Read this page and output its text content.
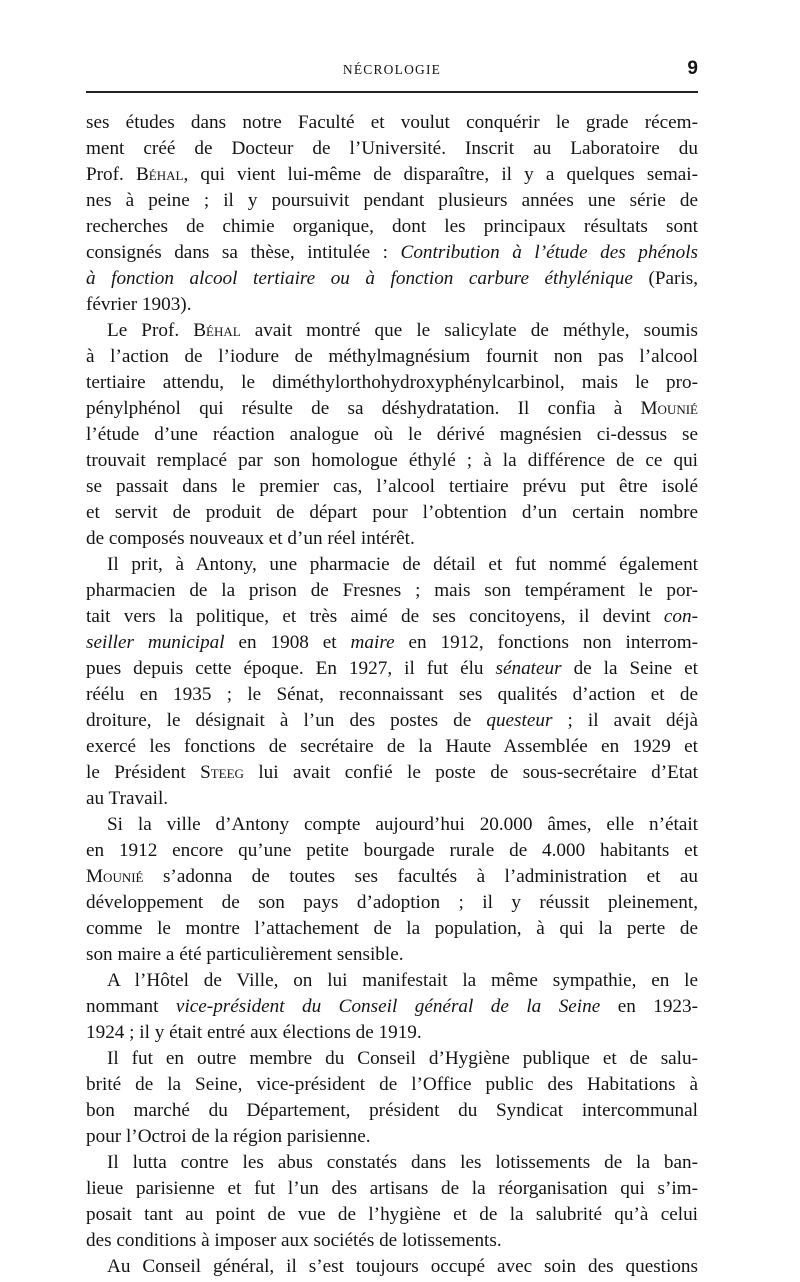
NÉCROLOGIE	9
ses études dans notre Faculté et voulut conquérir le grade récem-
ment créé de Docteur de l’Université. Inscrit au Laboratoire du
Prof. Béhal, qui vient lui-même de disparaître, il y a quelques semai-
nes à peine ; il y poursuivit pendant plusieurs années une série de
recherches de chimie organique, dont les principaux résultats sont
consignés dans sa thèse, intitulée : Contribution à l’étude des phénols
à fonction alcool tertiaire ou à fonction carbure éthylénique (Paris,
février 1903).
Le Prof. Béhal avait montré que le salicylate de méthyle, soumis
à l’action de l’iodure de méthylmagnésium fournit non pas l’alcool
tertiaire attendu, le diméthylorthohydroxyphénylcarbinol, mais le pro-
pénylphénol qui résulte de sa déshydratation. Il confia à Mounié
l’étude d’une réaction analogue où le dérivé magnésien ci-dessus se
trouvait remplacé par son homologue éthylé ; à la différence de ce qui
se passait dans le premier cas, l’alcool tertiaire prévu put être isolé
et servit de produit de départ pour l’obtention d’un certain nombre
de composés nouveaux et d’un réel intérêt.
Il prit, à Antony, une pharmacie de détail et fut nommé également
pharmacien de la prison de Fresnes ; mais son tempérament le por-
tait vers la politique, et très aimé de ses concitoyens, il devint con-
seiller municipal en 1908 et maire en 1912, fonctions non interrom-
pues depuis cette époque. En 1927, il fut élu sénateur de la Seine et
réélu en 1935 ; le Sénat, reconnaissant ses qualités d’action et de
droiture, le désignait à l’un des postes de questeur ; il avait déjà
exercé les fonctions de secrétaire de la Haute Assemblée en 1929 et
le Président Steeg lui avait confié le poste de sous-secrétaire d’Etat
au Travail.
Si la ville d’Antony compte aujourd’hui 20.000 âmes, elle n’était
en 1912 encore qu’une petite bourgade rurale de 4.000 habitants et
Mounié s’adonna de toutes ses facultés à l’administration et au
développement de son pays d’adoption ; il y réussit pleinement,
comme le montre l’attachement de la population, à qui la perte de
son maire a été particulièrement sensible.
A l’Hôtel de Ville, on lui manifestait la même sympathie, en le
nommant vice-président du Conseil général de la Seine en 1923-
1924 ; il y était entré aux élections de 1919.
Il fut en outre membre du Conseil d’Hygiène publique et de salu-
brité de la Seine, vice-président de l’Office public des Habitations à
bon marché du Département, président du Syndicat intercommunal
pour l’Octroi de la région parisienne.
Il lutta contre les abus constatés dans les lotissements de la ban-
lieue parisienne et fut l’un des artisans de la réorganisation qui s’im-
posait tant au point de vue de l’hygiène et de la salubrité qu’à celui
des conditions à imposer aux sociétés de lotissements.
Au Conseil général, il s’est toujours occupé avec soin des questions
